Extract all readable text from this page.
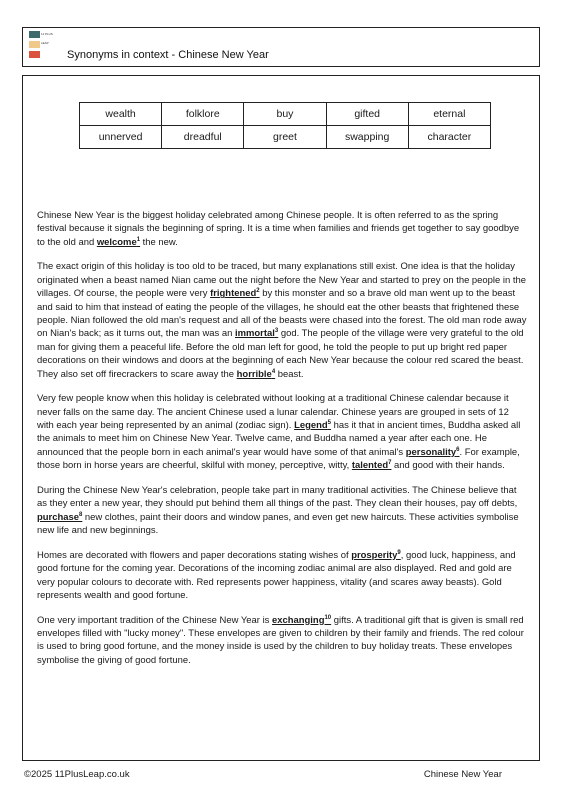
11 PLUS
LEAP
Synonyms in context - Chinese New Year
wealth	folklore	buy	gifted	eternal
unnerved	dreadful	greet	swapping	character

Chinese New Year is the biggest holiday celebrated among Chinese people. It is often referred to as the spring festival because it signals the beginning of spring. It is a time when families and friends get together to say goodbye to the old and welcome$^1$ the new.

The exact origin of this holiday is too old to be traced, but many explanations still exist. One idea is that the holiday originated when a beast named Nian came out the night before the New Year and started to prey on the people in the villages. Of course, the people were very frightened$^2$ by this monster and so a brave old man went up to the beast and said to him that instead of eating the people of the villages, he should eat the other beasts that frightened these people. Nian followed the old man's request and all of the beasts were chased into the forest. The old man rode away on Nian's back; as it turns out, the man was an immortal$^3$ god. The people of the village were very grateful to the old man for giving them a peaceful life. Before the old man left for good, he told the people to put up bright red paper decorations on their windows and doors at the beginning of each New Year because the colour red scared the beast. They also set off firecrackers to scare away the horrible$^4$ beast.

Very few people know when this holiday is celebrated without looking at a traditional Chinese calendar because it never falls on the same day. The ancient Chinese used a lunar calendar. Chinese years are grouped in sets of 12 with each year being represented by an animal (zodiac sign). Legend$^5$ has it that in ancient times, Buddha asked all the animals to meet him on Chinese New Year. Twelve came, and Buddha named a year after each one. He announced that the people born in each animal's year would have some of that animal's personality$^6$. For example, those born in horse years are cheerful, skilful with money, perceptive, witty, talented$^7$ and good with their hands.

During the Chinese New Year's celebration, people take part in many traditional activities. The Chinese believe that as they enter a new year, they should put behind them all things of the past. They clean their houses, pay off debts, purchase$^8$ new clothes, paint their doors and window panes, and even get new haircuts. These activities symbolise new life and new beginnings.

Homes are decorated with flowers and paper decorations stating wishes of prosperity$^9$, good luck, happiness, and good fortune for the coming year. Decorations of the incoming zodiac animal are also displayed. Red and gold are very popular colours to decorate with. Red represents power happiness, vitality (and scares away beasts). Gold represents wealth and good fortune.

One very important tradition of the Chinese New Year is exchanging$^{10}$ gifts. A traditional gift that is given is small red envelopes filled with "lucky money". These envelopes are given to children by their family and friends. The red colour is used to bring good fortune, and the money inside is used by the children to buy holiday treats. These envelopes symbolise the giving of good fortune.

©2025 11PlusLeap.co.uk	Chinese New Year
